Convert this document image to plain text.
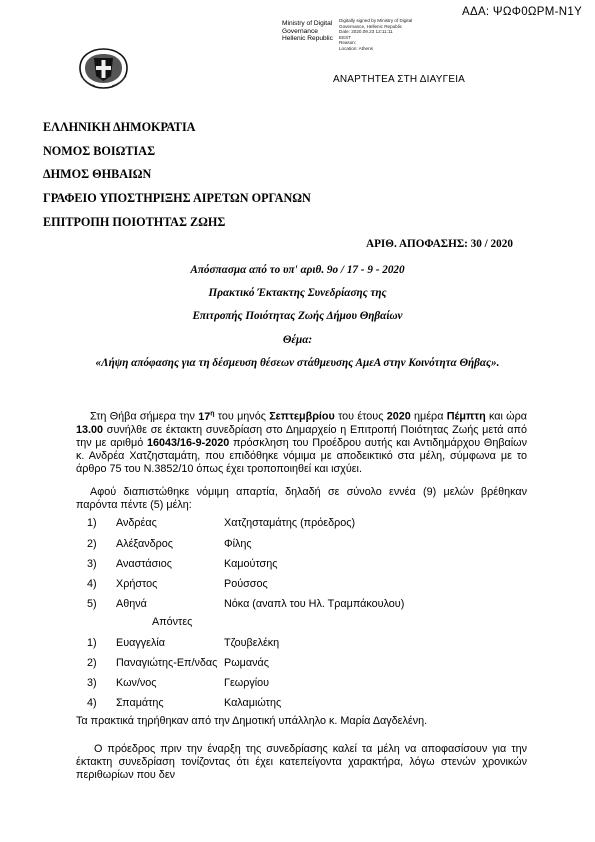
ΑΔΑ: ΨΩΦ0ΩΡΜ-Ν1Υ
Ministry of Digital
Governance
Hellenic Republic
Digitally signed by Ministry of Digital
Governance, Hellenic Republic
Date: 2020.09.23 12:11:11
EEST
Reason:
Location: Athens
ΑΝΑΡΤΗΤΕΑ ΣΤΗ ΔΙΑΥΓΕΙΑ
ΕΛΛΗΝΙΚΗ ΔΗΜΟΚΡΑΤΙΑ
ΝΟΜΟΣ ΒΟΙΩΤΙΑΣ
ΔΗΜΟΣ ΘΗΒΑΙΩΝ
ΓΡΑΦΕΙΟ ΥΠΟΣΤΗΡΙΞΗΣ ΑΙΡΕΤΩΝ ΟΡΓΑΝΩΝ
ΕΠΙΤΡΟΠΗ ΠΟΙΟΤΗΤΑΣ ΖΩΗΣ
ΑΡΙΘ. ΑΠΟΦΑΣΗΣ: 30 / 2020
Απόσπασμα από το υπ' αριθ. 9ο / 17 - 9 - 2020
Πρακτικό Έκτακτης Συνεδρίασης της
Επιτροπής Ποιότητας Ζωής Δήμου Θηβαίων
Θέμα:
«Λήψη απόφασης για τη δέσμευση θέσεων στάθμευσης ΑμεΑ στην Κοινότητα Θήβας».
Στη Θήβα σήμερα την $17^\eta$ του μηνός Σεπτεμβρίου του έτους 2020 ημέρα Πέμπτη και ώρα 13.00 συνήλθε σε έκτακτη συνεδρίαση στο Δημαρχείο η Επιτροπή Ποιότητας Ζωής μετά από την με αριθμό 16043/16-9-2020 πρόσκληση του Προέδρου αυτής και Αντιδημάρχου Θηβαίων κ. Ανδρέα Χατζησταμάτη, που επιδόθηκε νόμιμα με αποδεικτικό στα μέλη, σύμφωνα με το άρθρο 75 του Ν.3852/10 όπως έχει τροποποιηθεί και ισχύει.
Αφού διαπιστώθηκε νόμιμη απαρτία, δηλαδή σε σύνολο εννέα (9) μελών βρέθηκαν παρόντα πέντε (5) μέλη:
1) Ανδρέας	Χατζησταμάτης (πρόεδρος)
2) Αλέξανδρος	Φίλης
3) Αναστάσιος	Καμούτσης
4) Χρήστος	Ρούσσος
5) Αθηνά	Νόκα (αναπλ του Ηλ. Τραμπάκουλου)
Απόντες
1) Ευαγγελία	Τζουβελέκη
2) Παναγιώτης-Επ/νδας Ρωμανάς
3) Κων/νος	Γεωργίου
4) Σπαμάτης	Καλαμιώτης
Τα πρακτικά τηρήθηκαν από την Δημοτική υπάλληλο κ. Μαρία Δαγδελένη.
Ο πρόεδρος πριν την έναρξη της συνεδρίασης καλεί τα μέλη να αποφασίσουν για την έκτακτη συνεδρίαση τονίζοντας ότι έχει κατεπείγοντα χαρακτήρα, λόγω στενών χρονικών περιθωρίων που δεν
